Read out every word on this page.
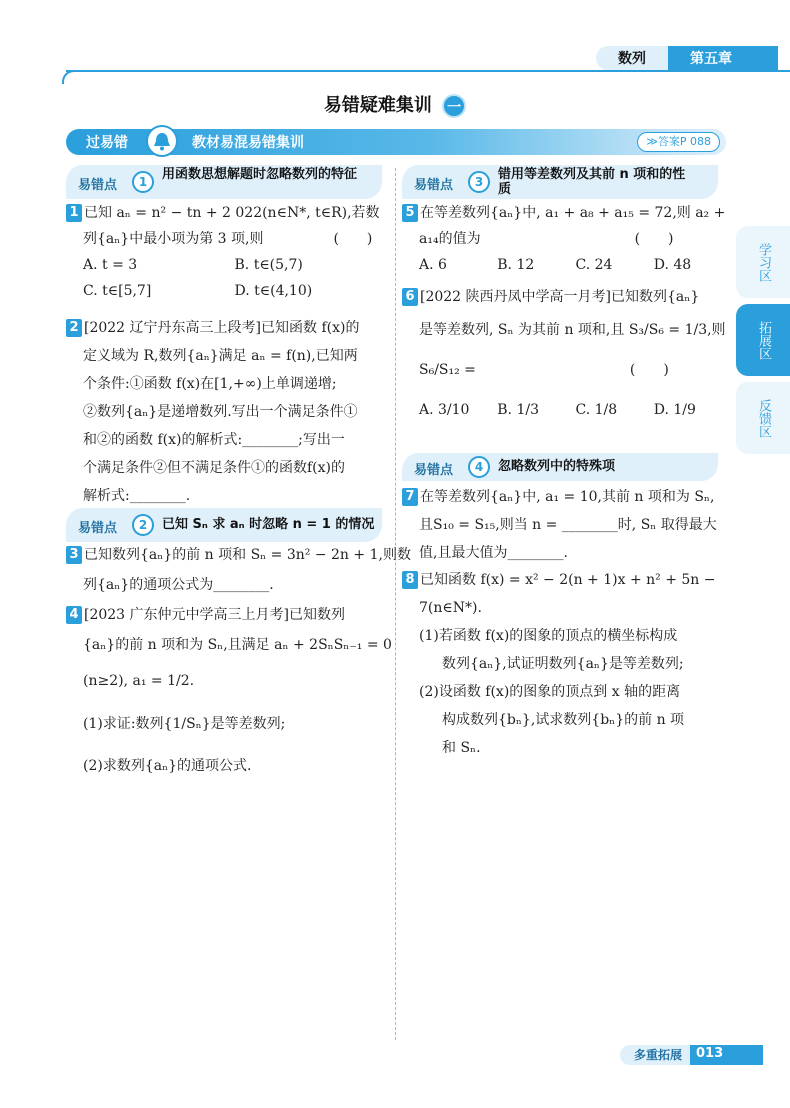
数列	第五章
易错疑难集训 一
过易错	教材易混易错集训	≫答案P 088
易错点	1	用函数思想解题时忽略数列的特征
1 已知 aₙ = n² − tn + 2 022(n∈N*, t∈R),若数
列{aₙ}中最小项为第 3 项,则　　　　　(　　)
A. t = 3	B. t∈(5,7)
C. t∈[5,7]	D. t∈(4,10)
2 [2022 辽宁丹东高三上段考]已知函数 f(x)的
定义域为 R,数列{aₙ}满足 aₙ = f(n),已知两
个条件:①函数 f(x)在[1,+∞)上单调递增;
②数列{aₙ}是递增数列.写出一个满足条件①
和②的函数 f(x)的解析式:________;写出一
个满足条件②但不满足条件①的函数f(x)的
解析式:________.
易错点	2	已知 Sₙ 求 aₙ 时忽略 n = 1 的情况
3 已知数列{aₙ}的前 n 项和 Sₙ = 3n² − 2n + 1,则数
列{aₙ}的通项公式为________.
4 [2023 广东仲元中学高三上月考]已知数列
{aₙ}的前 n 项和为 Sₙ,且满足 aₙ + 2SₙSₙ₋₁ = 0
(n≥2), a₁ = 1/2.
(1)求证:数列{1/Sₙ}是等差数列;
(2)求数列{aₙ}的通项公式.
易错点	3	错用等差数列及其前 n 项和的性质
5 在等差数列{aₙ}中, a₁ + a₈ + a₁₅ = 72,则 a₂ +
a₁₄的值为　　　　　　　　　　　(　　)
A. 6	B. 12	C. 24	D. 48
6 [2022 陕西丹凤中学高一月考]已知数列{aₙ}
是等差数列, Sₙ 为其前 n 项和,且 S₃/S₆ = 1/3,则
S₆/S₁₂ =　　　　　　　　　　　(　　)
A. 3/10	B. 1/3	C. 1/8	D. 1/9
易错点	4	忽略数列中的特殊项
7 在等差数列{aₙ}中, a₁ = 10,其前 n 项和为 Sₙ,
且S₁₀ = S₁₅,则当 n = ________时, Sₙ 取得最大
值,且最大值为________.
8 已知函数 f(x) = x² − 2(n + 1)x + n² + 5n −
7(n∈N*).
(1)若函数 f(x)的图象的顶点的横坐标构成
数列{aₙ},试证明数列{aₙ}是等差数列;
(2)设函数 f(x)的图象的顶点到 x 轴的距离
构成数列{bₙ},试求数列{bₙ}的前 n 项
和 Sₙ.
学习区
拓展区
反馈区
多重拓展	013
